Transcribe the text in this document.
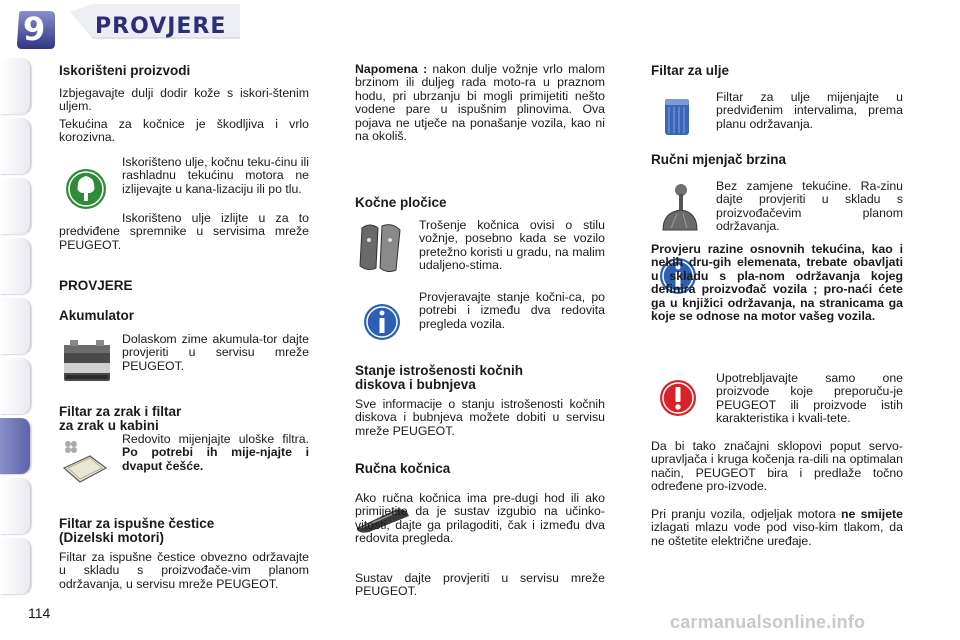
9 PROVJERE
Iskorišteni proizvodi
Izbjegavajte dulji dodir kože s iskori-štenim uljem.
Tekućina za kočnice je škodljiva i vrlo korozivna.
Iskorišteno ulje, kočnu teku-ćinu ili rashladnu tekućinu motora ne izlijevajte u kana-lizaciju ili po tlu.
Iskorišteno ulje izlijte u za to predviđene spremnike u servisima mreže PEUGEOT.
PROVJERE
Akumulator
Dolaskom zime akumula-tor dajte provjeriti u servisu mreže PEUGEOT.
Filtar za zrak i filtar
za zrak u kabini
Redovito mijenjajte uloške filtra. Po potrebi ih mije-njajte i dvaput češće.
Filtar za ispušne čestice
(Dizelski motori)
Filtar za ispušne čestice obvezno održavajte u skladu s proizvođače-vim planom održavanja, u servisu mreže PEUGEOT.
Napomena : nakon dulje vožnje vrlo malom brzinom ili duljeg rada moto-ra u praznom hodu, pri ubrzanju bi mogli primijetiti nešto vodene pare u ispušnim plinovima. Ova pojava ne utječe na ponašanje vozila, kao ni na okoliš.
Kočne pločice
Trošenje kočnica ovisi o stilu vožnje, posebno kada se vozilo pretežno koristi u gradu, na malim udaljeno-stima.
Provjeravajte stanje kočni-ca, po potrebi i između dva redovita pregleda vozila.
Stanje istrošenosti kočnih
diskova i bubnjeva
Sve informacije o stanju istrošenosti kočnih diskova i bubnjeva možete dobiti u servisu mreže PEUGEOT.
Ručna kočnica
Ako ručna kočnica ima pre-dugi hod ili ako primijetite da je sustav izgubio na učinko-vitosti, dajte ga prilagoditi, čak i između dva redovita pregleda.
Sustav dajte provjeriti u servisu mreže PEUGEOT.
Filtar za ulje
Filtar za ulje mijenjajte u predviđenim intervalima, prema planu održavanja.
Ručni mjenjač brzina
Bez zamjene tekućine. Ra-zinu dajte provjeriti u skladu s proizvođačevim planom održavanja.
Provjeru razine osnovnih tekućina, kao i nekih dru-gih elemenata, trebate obavljati u skladu s pla-nom održavanja kojeg definira proizvođač vozila ; pro-naći ćete ga u knjižici održavanja, na stranicama ga koje se odnose na motor vašeg vozila.
Upotrebljavajte samo one proizvode koje preporuču-je PEUGEOT ili proizvode istih karakteristika i kvali-tete.
Da bi tako značajni sklopovi poput servo-upravljača i kruga kočenja ra-dili na optimalan način, PEUGEOT bira i predlaže točno određene pro-izvode.
Pri pranju vozila, odjeljak motora ne smijete izlagati mlazu vode pod viso-kim tlakom, da ne oštetite električne uređaje.
114	carmanualsonline.info
